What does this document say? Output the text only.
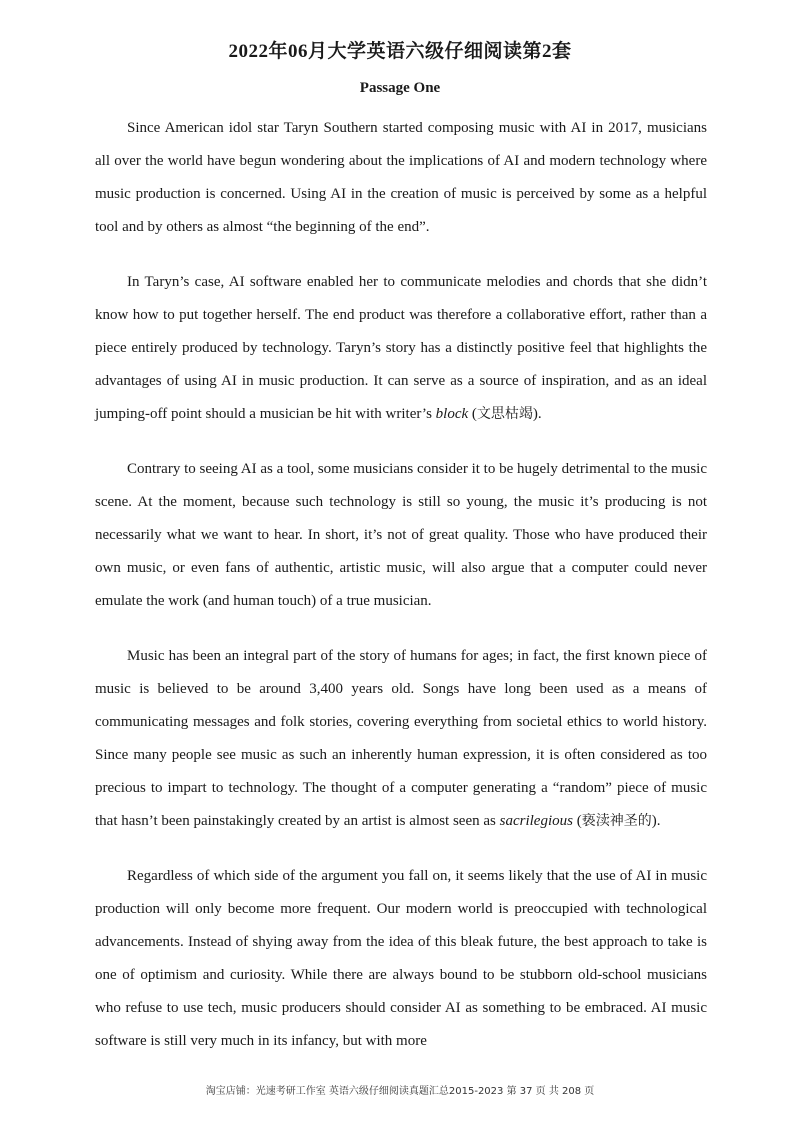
2022年06月大学英语六级仔细阅读第2套
Passage One

Since American idol star Taryn Southern started composing music with AI in 2017, musicians all over the world have begun wondering about the implications of AI and modern technology where music production is concerned. Using AI in the creation of music is perceived by some as a helpful tool and by others as almost “the beginning of the end”.

In Taryn’s case, AI software enabled her to communicate melodies and chords that she didn’t know how to put together herself. The end product was therefore a collaborative effort, rather than a piece entirely produced by technology. Taryn’s story has a distinctly positive feel that highlights the advantages of using AI in music production. It can serve as a source of inspiration, and as an ideal jumping-off point should a musician be hit with writer’s block (文思枯竭).

Contrary to seeing AI as a tool, some musicians consider it to be hugely detrimental to the music scene. At the moment, because such technology is still so young, the music it’s producing is not necessarily what we want to hear. In short, it’s not of great quality. Those who have produced their own music, or even fans of authentic, artistic music, will also argue that a computer could never emulate the work (and human touch) of a true musician.

Music has been an integral part of the story of humans for ages; in fact, the first known piece of music is believed to be around 3,400 years old. Songs have long been used as a means of communicating messages and folk stories, covering everything from societal ethics to world history. Since many people see music as such an inherently human expression, it is often considered as too precious to impart to technology. The thought of a computer generating a “random” piece of music that hasn’t been painstakingly created by an artist is almost seen as sacrilegious (亵渎神圣的).

Regardless of which side of the argument you fall on, it seems likely that the use of AI in music production will only become more frequent. Our modern world is preoccupied with technological advancements. Instead of shying away from the idea of this bleak future, the best approach to take is one of optimism and curiosity. While there are always bound to be stubborn old-school musicians who refuse to use tech, music producers should consider AI as something to be embraced. AI music software is still very much in its infancy, but with more

淘宝店铺：光速考研工作室 英语六级仔细阅读真题汇总2015-2023 第 37 页 共 208 页
